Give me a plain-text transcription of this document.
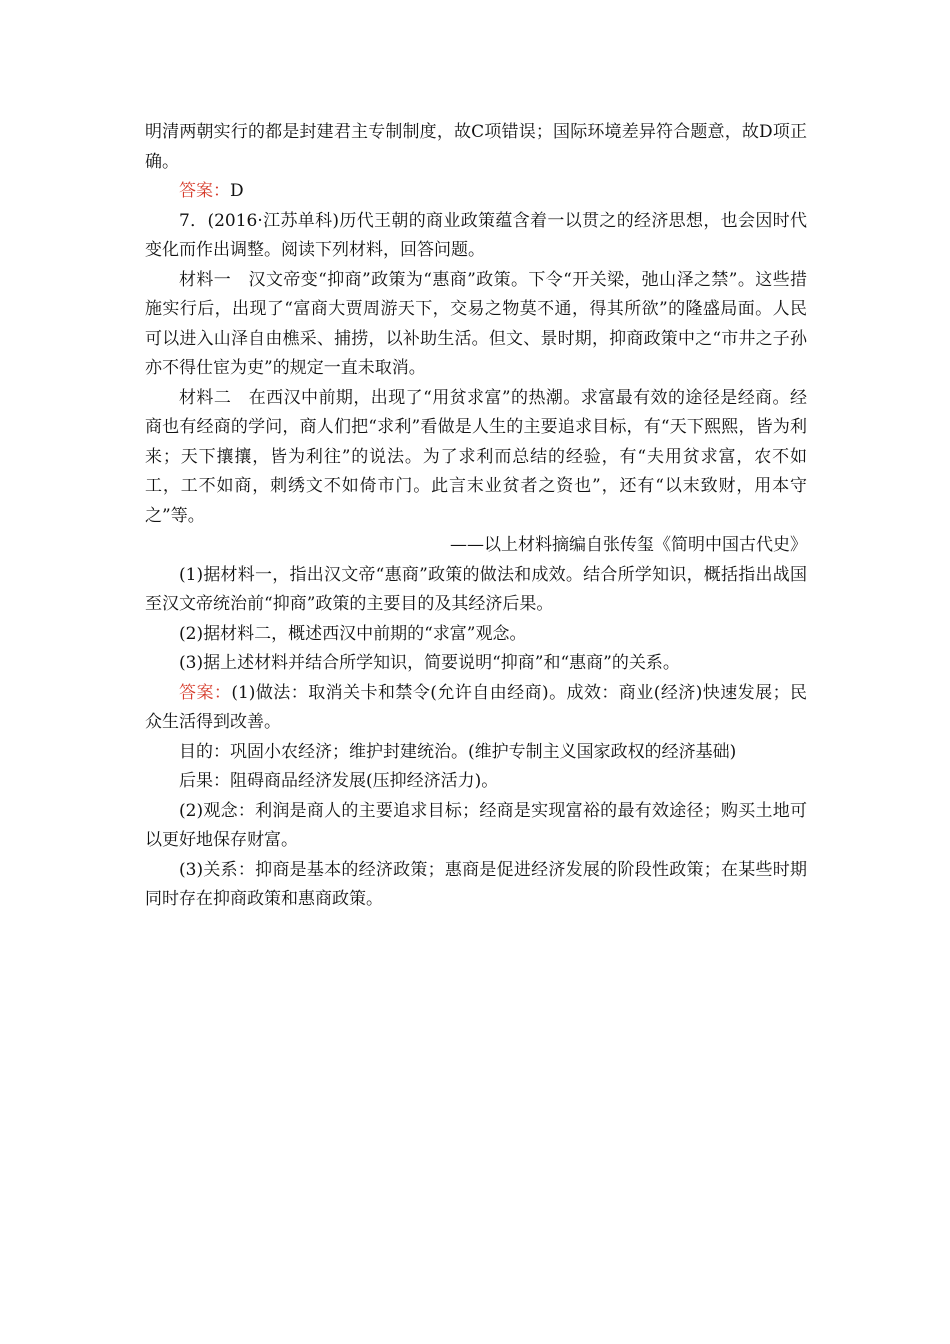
明清两朝实行的都是封建君主专制制度，故C项错误；国际环境差异符合题意，故D项正确。

答案：D

7．(2016·江苏单科)历代王朝的商业政策蕴含着一以贯之的经济思想，也会因时代变化而作出调整。阅读下列材料，回答问题。

材料一　汉文帝变“抑商”政策为“惠商”政策。下令“开关梁，弛山泽之禁”。这些措施实行后，出现了“富商大贾周游天下，交易之物莫不通，得其所欲”的隆盛局面。人民可以进入山泽自由樵采、捕捞，以补助生活。但文、景时期，抑商政策中之“市井之子孙亦不得仕宦为吏”的规定一直未取消。

材料二　在西汉中前期，出现了“用贫求富”的热潮。求富最有效的途径是经商。经商也有经商的学问，商人们把“求利”看做是人生的主要追求目标，有“天下熙熙，皆为利来；天下攘攘，皆为利往”的说法。为了求利而总结的经验，有“夫用贫求富，农不如工，工不如商，刺绣文不如倚市门。此言末业贫者之资也”，还有“以末致财，用本守之”等。

——以上材料摘编自张传玺《简明中国古代史》

(1)据材料一，指出汉文帝“惠商”政策的做法和成效。结合所学知识，概括指出战国至汉文帝统治前“抑商”政策的主要目的及其经济后果。

(2)据材料二，概述西汉中前期的“求富”观念。

(3)据上述材料并结合所学知识，简要说明“抑商”和“惠商”的关系。

答案：(1)做法：取消关卡和禁令(允许自由经商)。成效：商业(经济)快速发展；民众生活得到改善。

目的：巩固小农经济；维护封建统治。(维护专制主义国家政权的经济基础)

后果：阻碍商品经济发展(压抑经济活力)。

(2)观念：利润是商人的主要追求目标；经商是实现富裕的最有效途径；购买土地可以更好地保存财富。

(3)关系：抑商是基本的经济政策；惠商是促进经济发展的阶段性政策；在某些时期同时存在抑商政策和惠商政策。
